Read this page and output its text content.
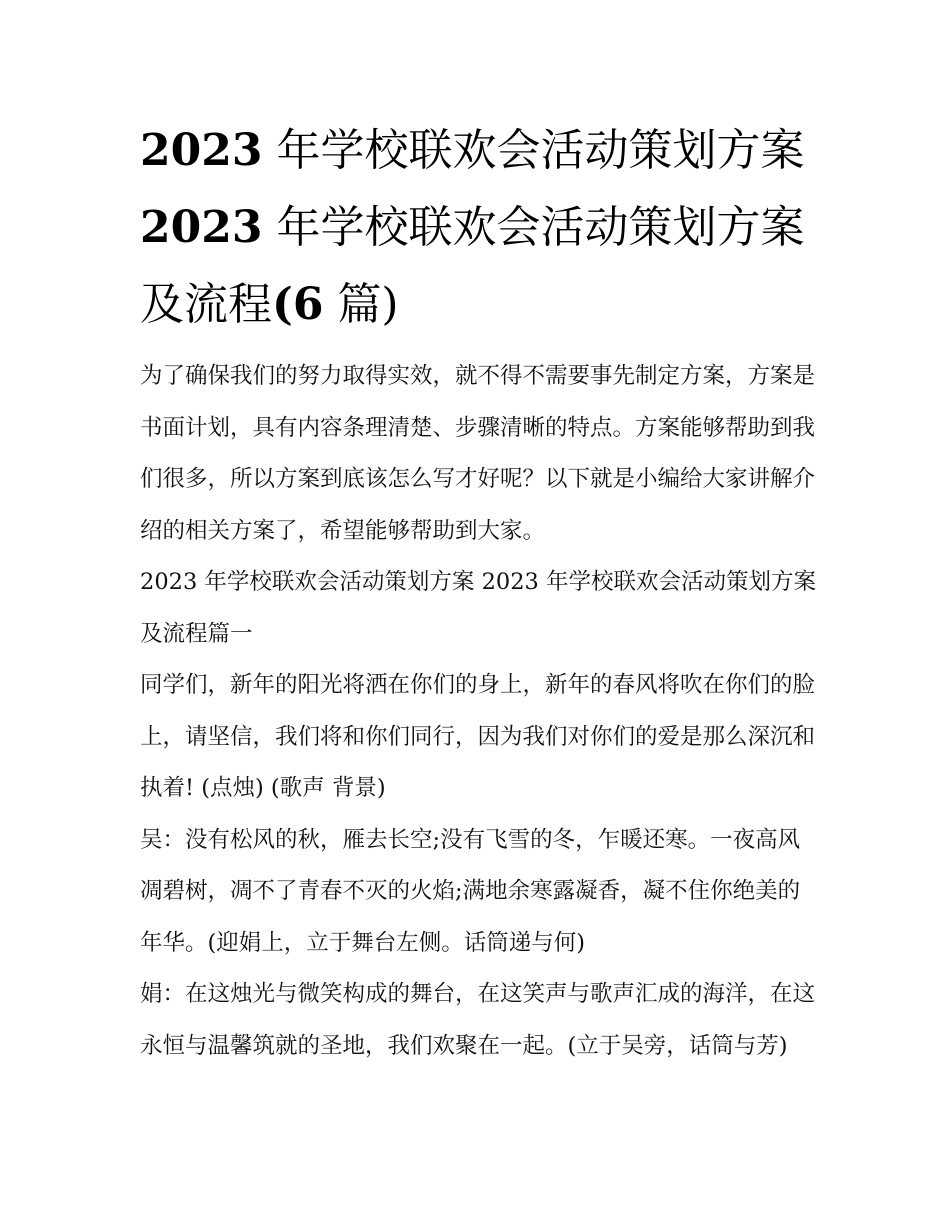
2023 年学校联欢会活动策划方案 2023 年学校联欢会活动策划方案及流程(6 篇)

为了确保我们的努力取得实效，就不得不需要事先制定方案，方案是书面计划，具有内容条理清楚、步骤清晰的特点。方案能够帮助到我们很多，所以方案到底该怎么写才好呢？以下就是小编给大家讲解介绍的相关方案了，希望能够帮助到大家。

2023 年学校联欢会活动策划方案 2023 年学校联欢会活动策划方案及流程篇一

同学们，新年的阳光将洒在你们的身上，新年的春风将吹在你们的脸上，请坚信，我们将和你们同行，因为我们对你们的爱是那么深沉和执着! (点烛) (歌声 背景)

吴：没有松风的秋，雁去长空;没有飞雪的冬，乍暖还寒。一夜高风凋碧树，凋不了青春不灭的火焰;满地余寒露凝香，凝不住你绝美的年华。(迎娟上，立于舞台左侧。话筒递与何)

娟：在这烛光与微笑构成的舞台，在这笑声与歌声汇成的海洋，在这永恒与温馨筑就的圣地，我们欢聚在一起。(立于吴旁，话筒与芳)
